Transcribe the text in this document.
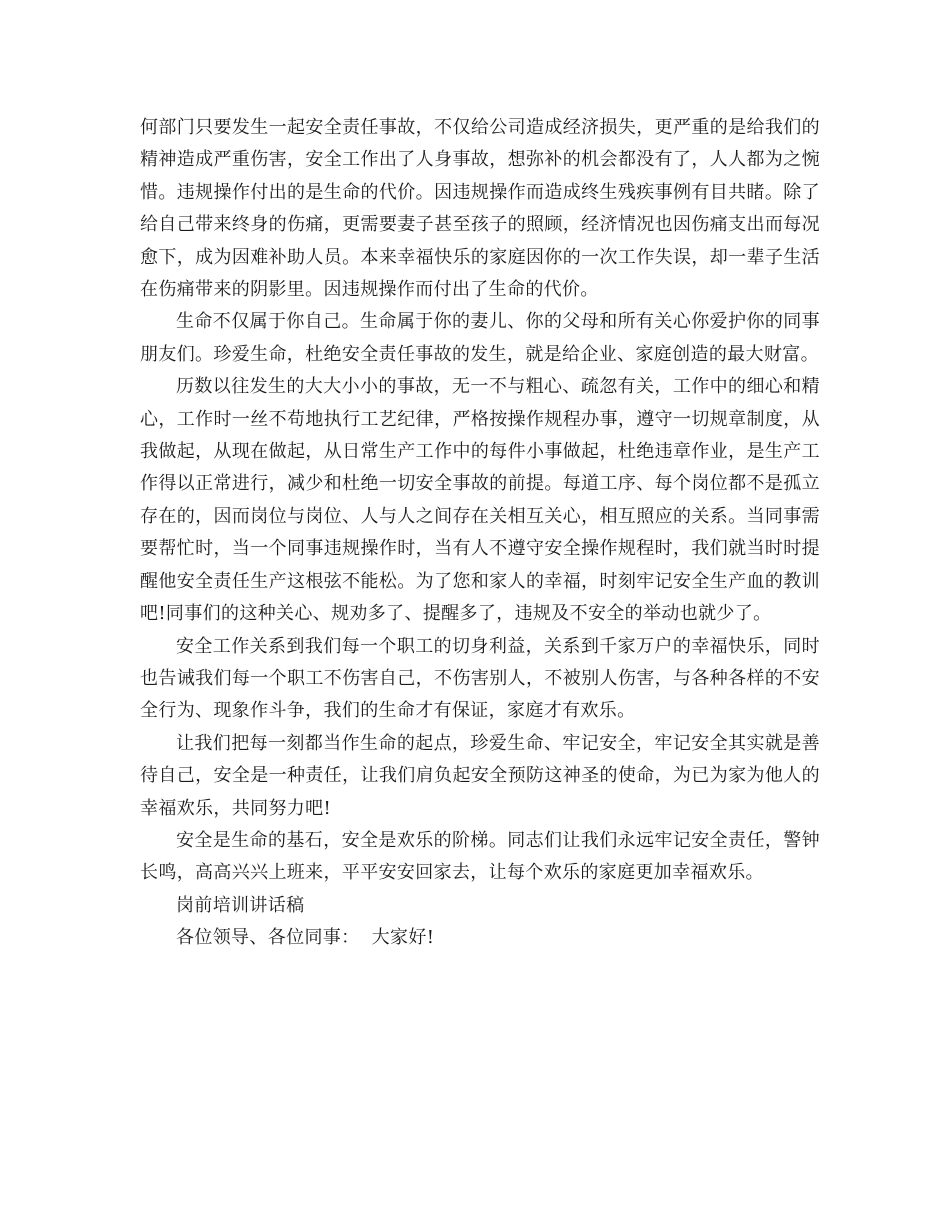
何部门只要发生一起安全责任事故，不仅给公司造成经济损失，更严重的是给我们的精神造成严重伤害，安全工作出了人身事故，想弥补的机会都没有了，人人都为之惋惜。违规操作付出的是生命的代价。因违规操作而造成终生残疾事例有目共睹。除了给自己带来终身的伤痛，更需要妻子甚至孩子的照顾，经济情况也因伤痛支出而每况愈下，成为因难补助人员。本来幸福快乐的家庭因你的一次工作失误，却一辈子生活在伤痛带来的阴影里。因违规操作而付出了生命的代价。

生命不仅属于你自己。生命属于你的妻儿、你的父母和所有关心你爱护你的同事朋友们。珍爱生命，杜绝安全责任事故的发生，就是给企业、家庭创造的最大财富。

历数以往发生的大大小小的事故，无一不与粗心、疏忽有关，工作中的细心和精心，工作时一丝不苟地执行工艺纪律，严格按操作规程办事，遵守一切规章制度，从我做起，从现在做起，从日常生产工作中的每件小事做起，杜绝违章作业，是生产工作得以正常进行，减少和杜绝一切安全事故的前提。每道工序、每个岗位都不是孤立存在的，因而岗位与岗位、人与人之间存在关相互关心，相互照应的关系。当同事需要帮忙时，当一个同事违规操作时，当有人不遵守安全操作规程时，我们就当时时提醒他安全责任生产这根弦不能松。为了您和家人的幸福，时刻牢记安全生产血的教训吧!同事们的这种关心、规劝多了、提醒多了，违规及不安全的举动也就少了。

安全工作关系到我们每一个职工的切身利益，关系到千家万户的幸福快乐，同时也告诫我们每一个职工不伤害自己，不伤害别人，不被别人伤害，与各种各样的不安全行为、现象作斗争，我们的生命才有保证，家庭才有欢乐。

让我们把每一刻都当作生命的起点，珍爱生命、牢记安全，牢记安全其实就是善待自己，安全是一种责任，让我们肩负起安全预防这神圣的使命，为已为家为他人的幸福欢乐，共同努力吧!

安全是生命的基石，安全是欢乐的阶梯。同志们让我们永远牢记安全责任，警钟长鸣，高高兴兴上班来，平平安安回家去，让每个欢乐的家庭更加幸福欢乐。

岗前培训讲话稿

各位领导、各位同事：  大家好!
